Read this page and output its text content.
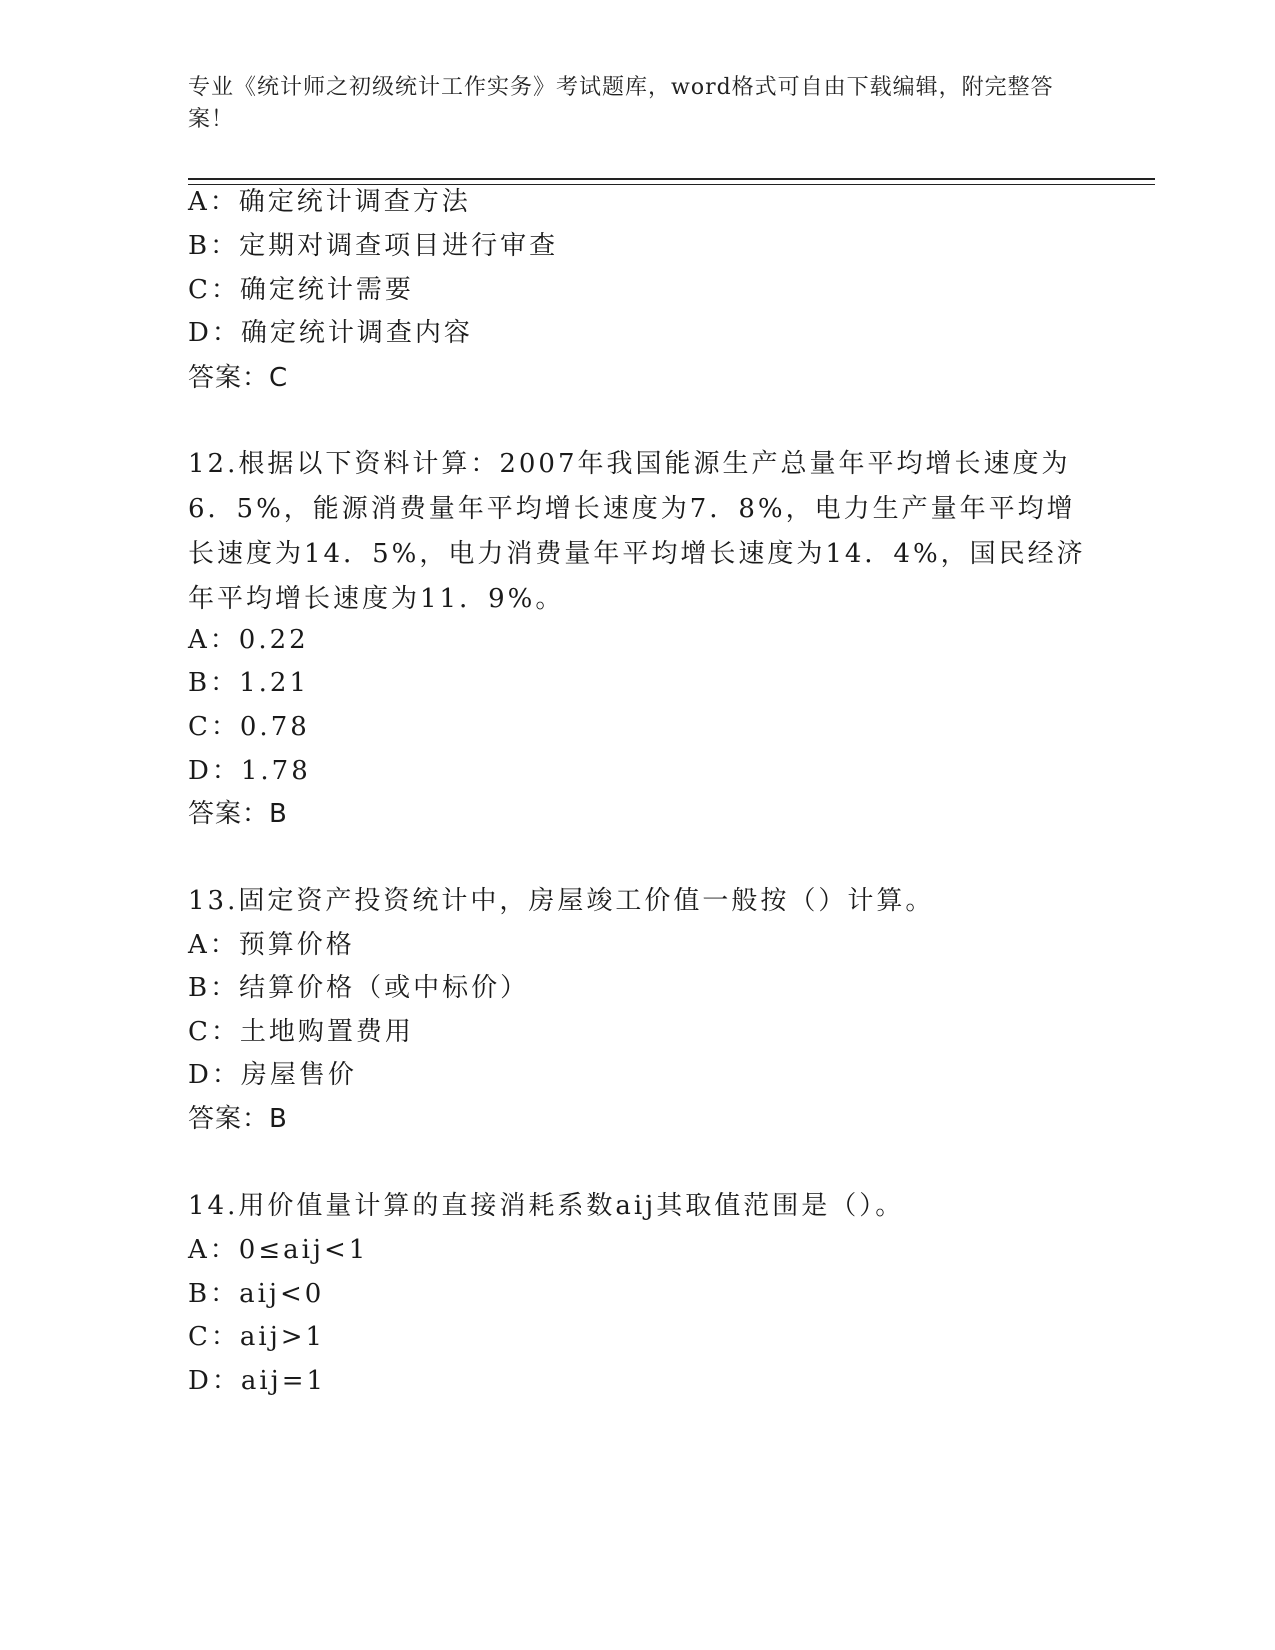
专业《统计师之初级统计工作实务》考试题库，word格式可自由下载编辑，附完整答案！
A：确定统计调查方法
B：定期对调查项目进行审查
C：确定统计需要
D：确定统计调查内容
答案：C
12.根据以下资料计算：2007年我国能源生产总量年平均增长速度为6．5%，能源消费量年平均增长速度为7．8%，电力生产量年平均增长速度为14．5%，电力消费量年平均增长速度为14．4%，国民经济年平均增长速度为11．9%。
A：0.22
B：1.21
C：0.78
D：1.78
答案：B
13.固定资产投资统计中，房屋竣工价值一般按（）计算。
A：预算价格
B：结算价格（或中标价）
C：土地购置费用
D：房屋售价
答案：B
14.用价值量计算的直接消耗系数aij其取值范围是（）。
A：0≤aij<1
B：aij<0
C：aij>1
D：aij=1
